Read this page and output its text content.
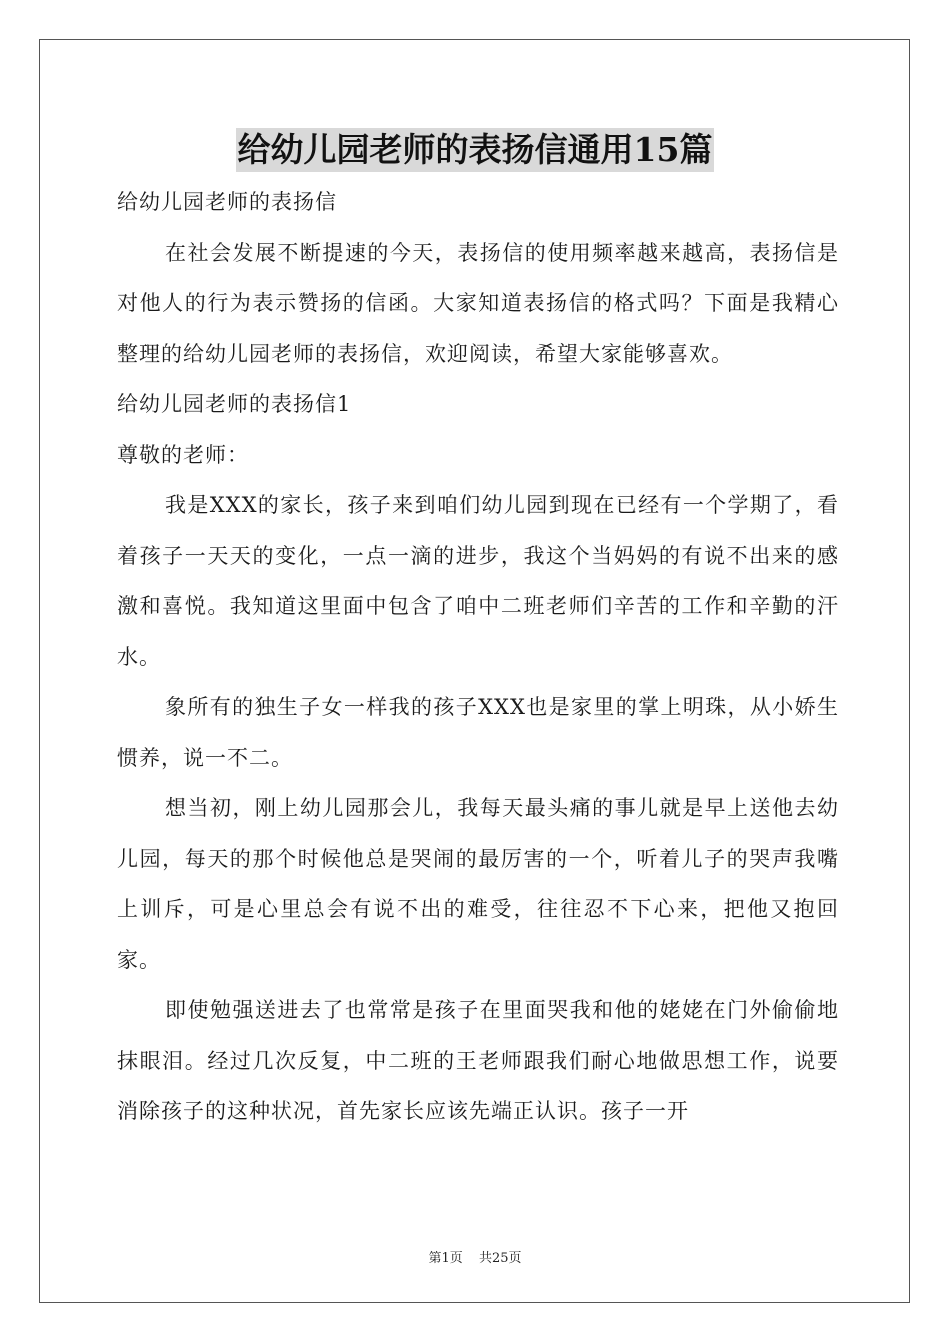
给幼儿园老师的表扬信通用15篇

给幼儿园老师的表扬信

在社会发展不断提速的今天，表扬信的使用频率越来越高，表扬信是对他人的行为表示赞扬的信函。大家知道表扬信的格式吗？下面是我精心整理的给幼儿园老师的表扬信，欢迎阅读，希望大家能够喜欢。

给幼儿园老师的表扬信1

尊敬的老师：

我是XXX的家长，孩子来到咱们幼儿园到现在已经有一个学期了，看着孩子一天天的变化，一点一滴的进步，我这个当妈妈的有说不出来的感激和喜悦。我知道这里面中包含了咱中二班老师们辛苦的工作和辛勤的汗水。

象所有的独生子女一样我的孩子XXX也是家里的掌上明珠，从小娇生惯养，说一不二。

想当初，刚上幼儿园那会儿，我每天最头痛的事儿就是早上送他去幼儿园，每天的那个时候他总是哭闹的最厉害的一个，听着儿子的哭声我嘴上训斥，可是心里总会有说不出的难受，往往忍不下心来，把他又抱回家。

即使勉强送进去了也常常是孩子在里面哭我和他的姥姥在门外偷偷地抹眼泪。经过几次反复，中二班的王老师跟我们耐心地做思想工作，说要消除孩子的这种状况，首先家长应该先端正认识。孩子一开

第1页 共25页
